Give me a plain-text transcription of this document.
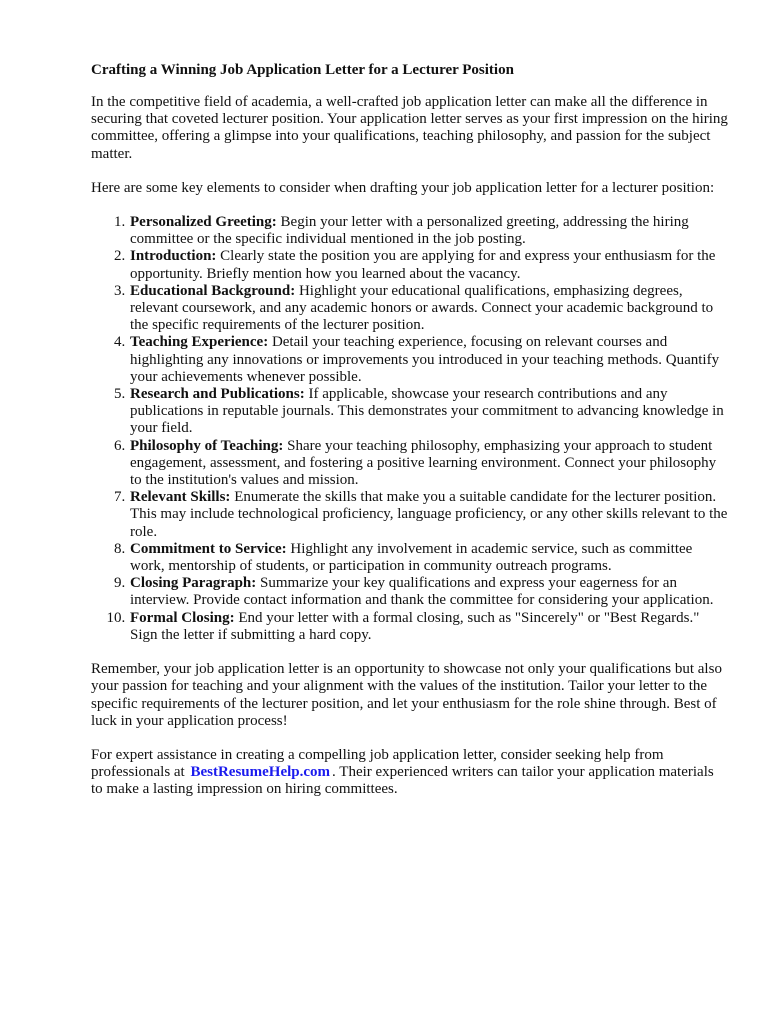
Crafting a Winning Job Application Letter for a Lecturer Position

In the competitive field of academia, a well-crafted job application letter can make all the difference in securing that coveted lecturer position. Your application letter serves as your first impression on the hiring committee, offering a glimpse into your qualifications, teaching philosophy, and passion for the subject matter.

Here are some key elements to consider when drafting your job application letter for a lecturer position:

1. Personalized Greeting: Begin your letter with a personalized greeting, addressing the hiring committee or the specific individual mentioned in the job posting.
2. Introduction: Clearly state the position you are applying for and express your enthusiasm for the opportunity. Briefly mention how you learned about the vacancy.
3. Educational Background: Highlight your educational qualifications, emphasizing degrees, relevant coursework, and any academic honors or awards. Connect your academic background to the specific requirements of the lecturer position.
4. Teaching Experience: Detail your teaching experience, focusing on relevant courses and highlighting any innovations or improvements you introduced in your teaching methods. Quantify your achievements whenever possible.
5. Research and Publications: If applicable, showcase your research contributions and any publications in reputable journals. This demonstrates your commitment to advancing knowledge in your field.
6. Philosophy of Teaching: Share your teaching philosophy, emphasizing your approach to student engagement, assessment, and fostering a positive learning environment. Connect your philosophy to the institution's values and mission.
7. Relevant Skills: Enumerate the skills that make you a suitable candidate for the lecturer position. This may include technological proficiency, language proficiency, or any other skills relevant to the role.
8. Commitment to Service: Highlight any involvement in academic service, such as committee work, mentorship of students, or participation in community outreach programs.
9. Closing Paragraph: Summarize your key qualifications and express your eagerness for an interview. Provide contact information and thank the committee for considering your application.
10. Formal Closing: End your letter with a formal closing, such as "Sincerely" or "Best Regards." Sign the letter if submitting a hard copy.

Remember, your job application letter is an opportunity to showcase not only your qualifications but also your passion for teaching and your alignment with the values of the institution. Tailor your letter to the specific requirements of the lecturer position, and let your enthusiasm for the role shine through. Best of luck in your application process!

For expert assistance in creating a compelling job application letter, consider seeking help from professionals at BestResumeHelp.com . Their experienced writers can tailor your application materials to make a lasting impression on hiring committees.
